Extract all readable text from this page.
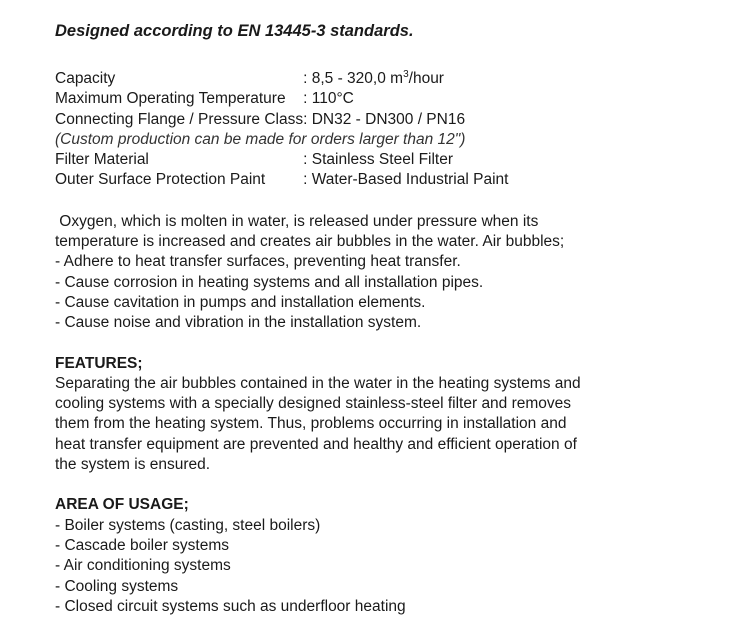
Designed according to EN 13445-3 standards.
Capacity	: 8,5 - 320,0 $m^3$/hour
Maximum Operating Temperature	: 110°C
Connecting Flange / Pressure Class	: DN32 - DN300 / PN16
(Custom production can be made for orders larger than 12")	
Filter Material	: Stainless Steel Filter
Outer Surface Protection Paint	: Water-Based Industrial Paint
Oxygen, which is molten in water, is released under pressure when its
temperature is increased and creates air bubbles in the water. Air bubbles;
- Adhere to heat transfer surfaces, preventing heat transfer.
- Cause corrosion in heating systems and all installation pipes.
- Cause cavitation in pumps and installation elements.
- Cause noise and vibration in the installation system.
FEATURES;
Separating the air bubbles contained in the water in the heating systems and
cooling systems with a specially designed stainless-steel filter and removes
them from the heating system. Thus, problems occurring in installation and
heat transfer equipment are prevented and healthy and efficient operation of
the system is ensured.
AREA OF USAGE;
- Boiler systems (casting, steel boilers)
- Cascade boiler systems
- Air conditioning systems
- Cooling systems
- Closed circuit systems such as underfloor heating
